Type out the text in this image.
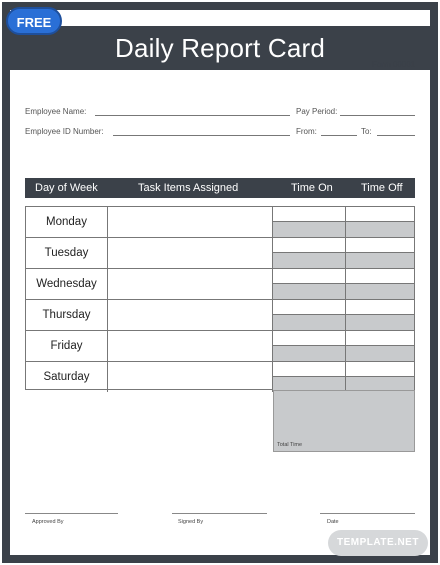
Daily Report Card
Form 00001
FREE
Employee Name:	Pay Period:
Employee ID Number:	From:	To:
Day of Week	Task Items Assigned	Time On	Time Off
Monday
Tuesday
Wednesday
Thursday
Friday
Saturday
Total Time
Approved By	Signed By	Date
TEMPLATE.NET
